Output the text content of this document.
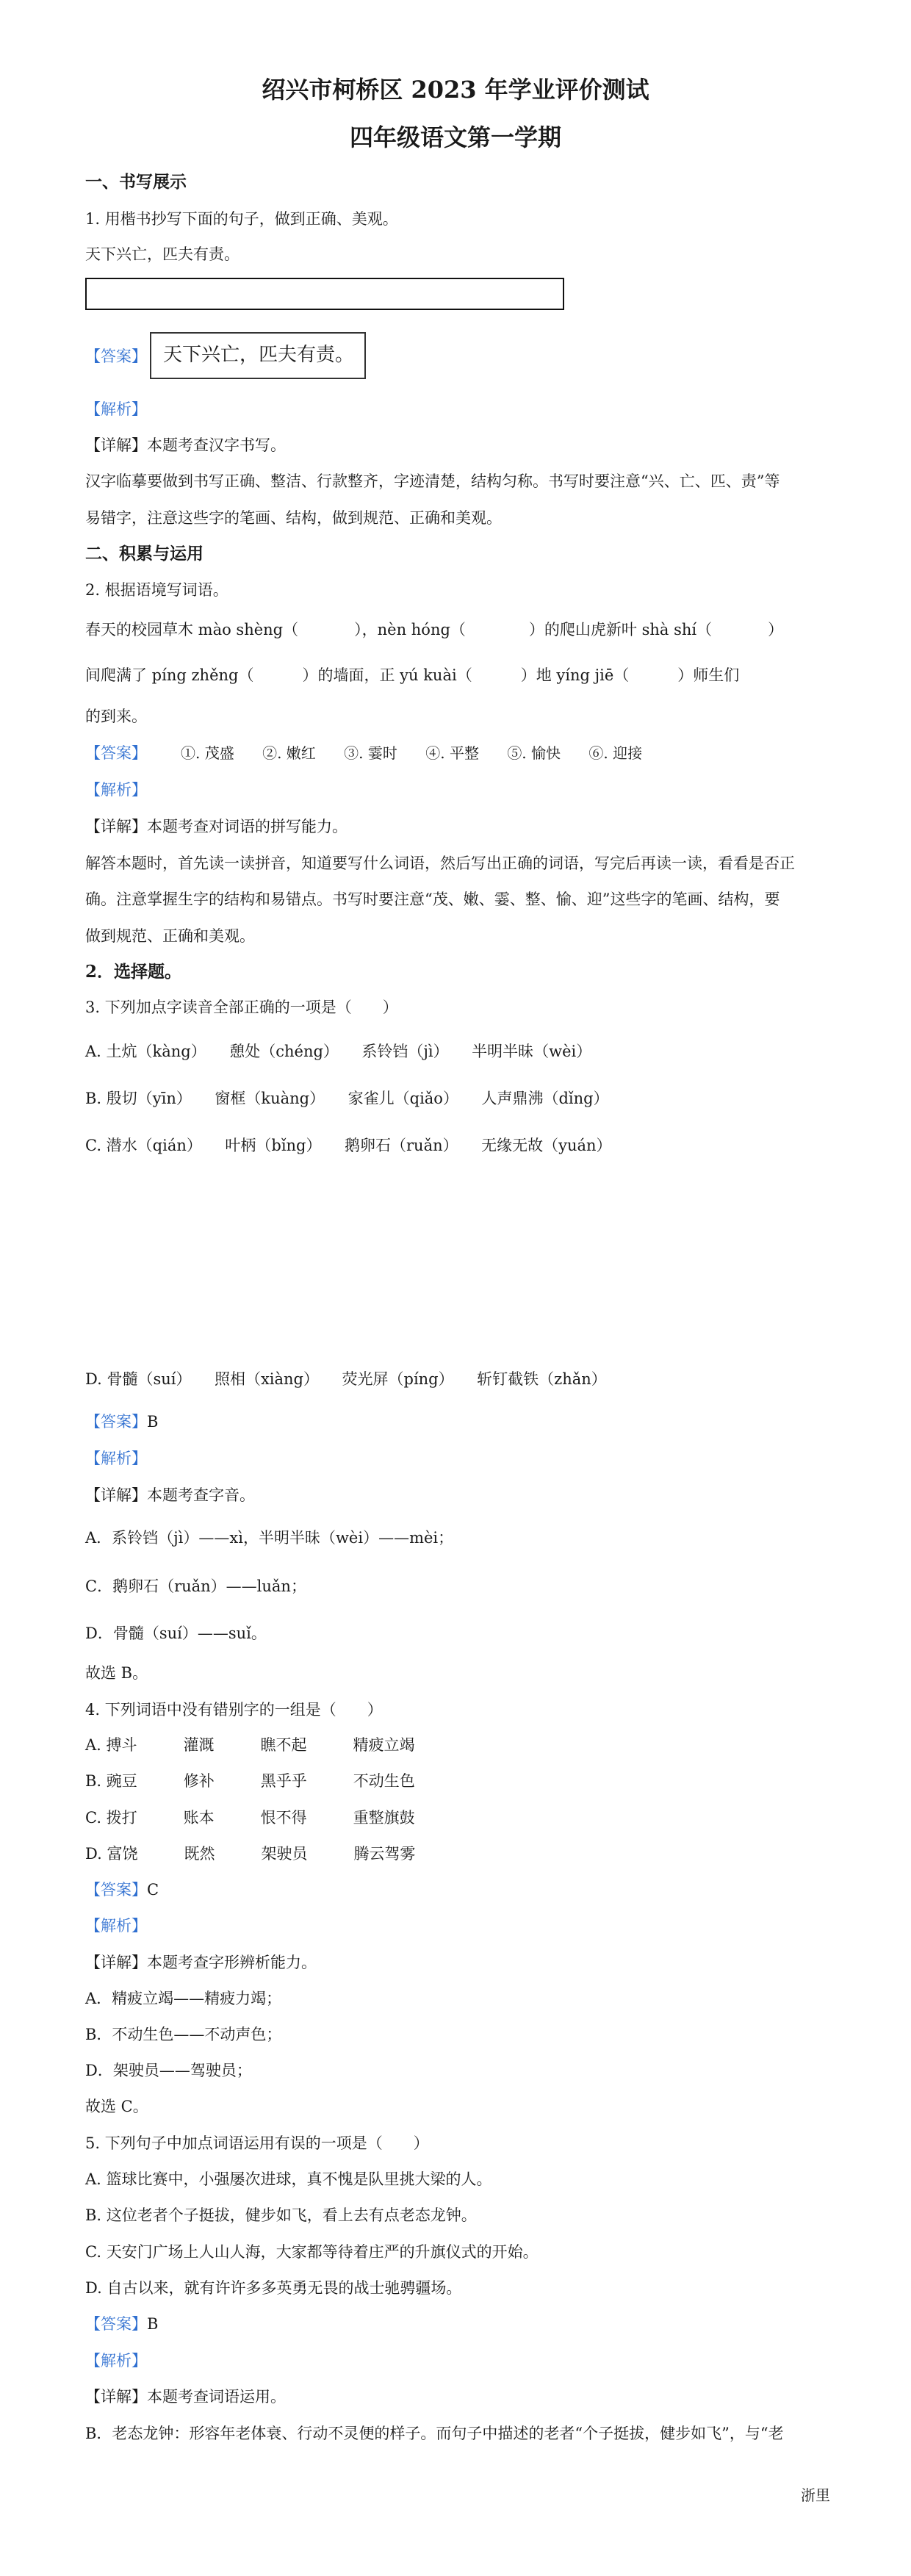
绍兴市柯桥区 2023 年学业评价测试
四年级语文第一学期
一、书写展示
1. 用楷书抄写下面的句子，做到正确、美观。
天下兴亡，匹夫有责。
【答案】 天下兴亡，匹夫有责。
【解析】
【详解】本题考查汉字书写。
汉字临摹要做到书写正确、整洁、行款整齐，字迹清楚，结构匀称。书写时要注意“兴、亡、匹、责”等
易错字，注意这些字的笔画、结构，做到规范、正确和美观。
二、积累与运用
2. 根据语境写词语。
春天的校园草木 mào shèng（	），nèn hóng（	）的爬山虎新叶 shà shí（	）
间爬满了 píng zhěng（	）的墙面，正 yú kuài（	）地 yíng jiē（	）师生们
的到来。
【答案】 ①. 茂盛 ②. 嫩红 ③. 霎时 ④. 平整 ⑤. 愉快 ⑥. 迎接
【解析】
【详解】本题考查对词语的拼写能力。
解答本题时，首先读一读拼音，知道要写什么词语，然后写出正确的词语，写完后再读一读，看看是否正
确。注意掌握生字的结构和易错点。书写时要注意“茂、嫩、霎、整、愉、迎”这些字的笔画、结构，要
做到规范、正确和美观。
2．选择题。
3. 下列加点字读音全部正确的一项是（　　）
A. 土炕（kàng）　　憩处（chéng）　　系铃铛（jì）　　半明半昧（wèi）
B. 殷切（yīn）　　窗框（kuàng）　　家雀儿（qiǎo）　　人声鼎沸（dǐng）
C. 潜水（qián）　　叶柄（bǐng）　　鹅卵石（ruǎn）　　无缘无故（yuán）
D. 骨髓（suí）　　照相（xiàng）　　荧光屏（píng）　　斩钉截铁（zhǎn）
【答案】B
【解析】
【详解】本题考查字音。
A．系铃铛（jì）——xì，半明半昧（wèi）——mèi；
C．鹅卵石（ruǎn）——luǎn；
D．骨髓（suí）——suǐ。
故选 B。
4. 下列词语中没有错别字的一组是（　　）
A. 搏斗　　　灌溉　　　瞧不起　　　精疲立竭
B. 豌豆　　　修补　　　黑乎乎　　　不动生色
C. 拨打　　　账本　　　恨不得　　　重整旗鼓
D. 富饶　　　既然　　　架驶员　　　腾云驾雾
【答案】C
【解析】
【详解】本题考查字形辨析能力。
A．精疲立竭——精疲力竭；
B．不动生色——不动声色；
D．架驶员——驾驶员；
故选 C。
5. 下列句子中加点词语运用有误的一项是（　　）
A. 篮球比赛中，小强屡次进球，真不愧是队里挑大梁的人。
B. 这位老者个子挺拔，健步如飞，看上去有点老态龙钟。
C. 天安门广场上人山人海，大家都等待着庄严的升旗仪式的开始。
D. 自古以来，就有许许多多英勇无畏的战士驰骋疆场。
【答案】B
【解析】
【详解】本题考查词语运用。
B．老态龙钟：形容年老体衰、行动不灵便的样子。而句子中描述的老者“个子挺拔，健步如飞”，与“老
浙里
